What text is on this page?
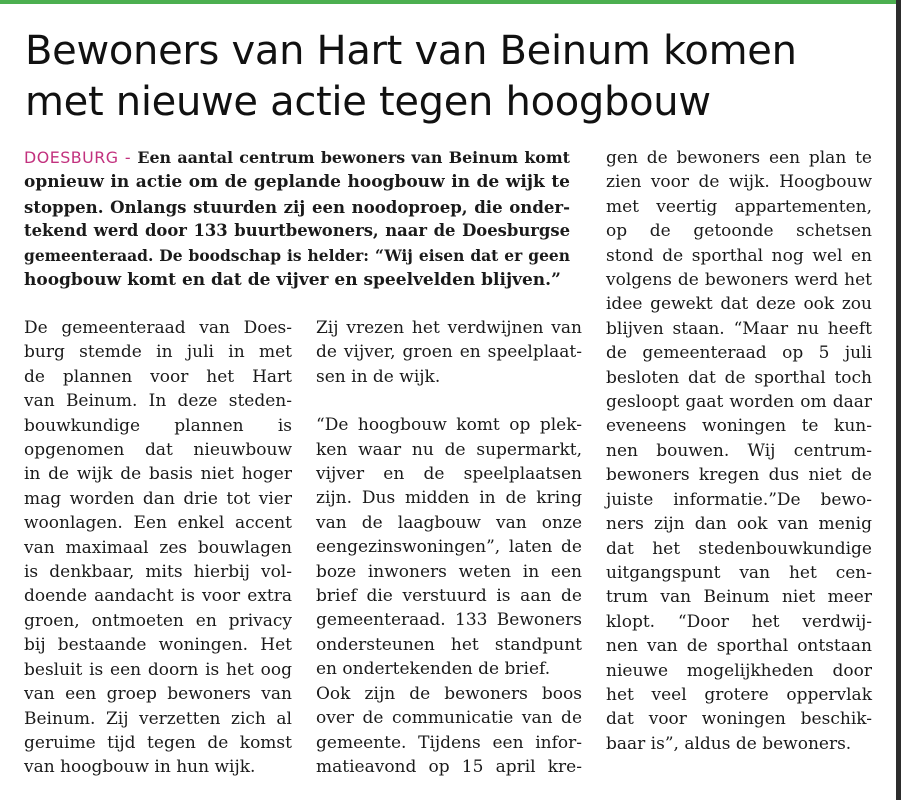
Bewoners van Hart van Beinum komen
met nieuwe actie tegen hoogbouw
DOESBURG - Een aantal centrum bewoners van Beinum komt
opnieuw in actie om de geplande hoogbouw in de wijk te
stoppen. Onlangs stuurden zij een noodoproep, die onder-
tekend werd door 133 buurtbewoners, naar de Doesburgse
gemeenteraad. De boodschap is helder: “Wij eisen dat er geen
hoogbouw komt en dat de vijver en speelvelden blijven.”
De gemeenteraad van Does-
burg stemde in juli in met
de plannen voor het Hart
van Beinum. In deze steden-
bouwkundige plannen is
opgenomen dat nieuwbouw
in de wijk de basis niet hoger
mag worden dan drie tot vier
woonlagen. Een enkel accent
van maximaal zes bouwlagen
is denkbaar, mits hierbij vol-
doende aandacht is voor extra
groen, ontmoeten en privacy
bij bestaande woningen. Het
besluit is een doorn is het oog
van een groep bewoners van
Beinum. Zij verzetten zich al
geruime tijd tegen de komst
van hoogbouw in hun wijk.
Zij vrezen het verdwijnen van
de vijver, groen en speelplaat-
sen in de wijk.
“De hoogbouw komt op plek-
ken waar nu de supermarkt,
vijver en de speelplaatsen
zijn. Dus midden in de kring
van de laagbouw van onze
eengezinswoningen”, laten de
boze inwoners weten in een
brief die verstuurd is aan de
gemeenteraad. 133 Bewoners
ondersteunen het standpunt
en ondertekenden de brief.
Ook zijn de bewoners boos
over de communicatie van de
gemeente. Tijdens een infor-
matieavond op 15 april kre-
gen de bewoners een plan te
zien voor de wijk. Hoogbouw
met veertig appartementen,
op de getoonde schetsen
stond de sporthal nog wel en
volgens de bewoners werd het
idee gewekt dat deze ook zou
blijven staan. “Maar nu heeft
de gemeenteraad op 5 juli
besloten dat de sporthal toch
gesloopt gaat worden om daar
eveneens woningen te kun-
nen bouwen. Wij centrum-
bewoners kregen dus niet de
juiste informatie.”De bewo-
ners zijn dan ook van menig
dat het stedenbouwkundige
uitgangspunt van het cen-
trum van Beinum niet meer
klopt. “Door het verdwij-
nen van de sporthal ontstaan
nieuwe mogelijkheden door
het veel grotere oppervlak
dat voor woningen beschik-
baar is”, aldus de bewoners.
